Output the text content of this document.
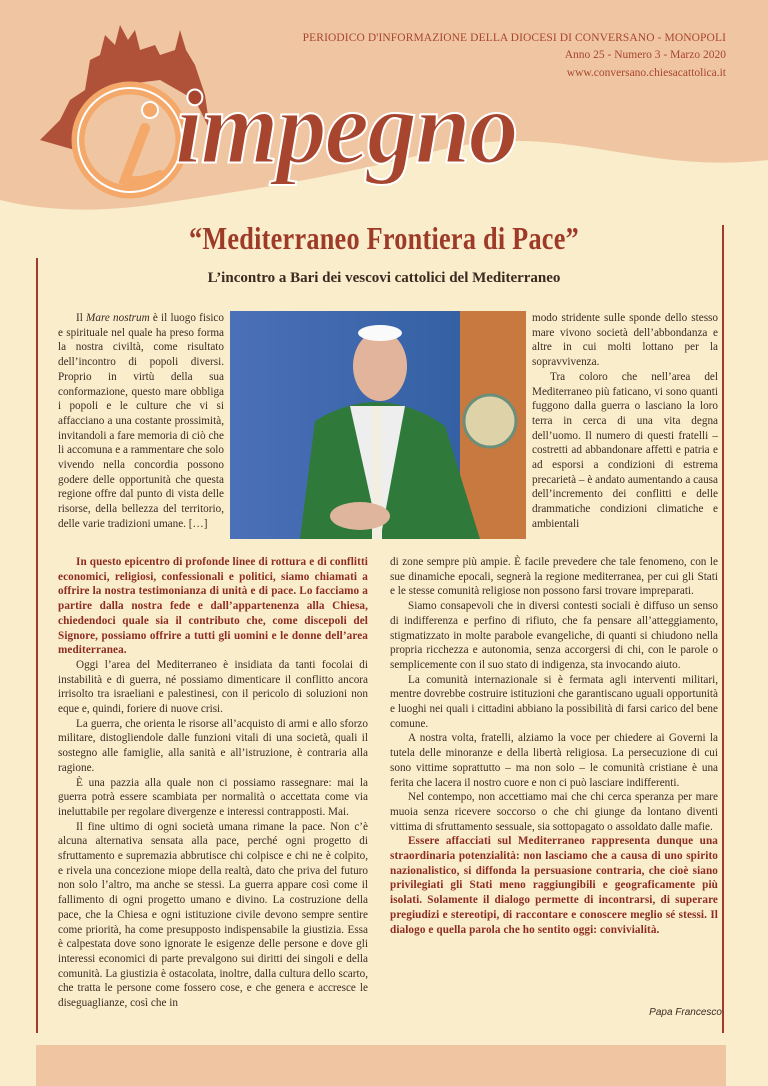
impegno
PERIODICO D'INFORMAZIONE DELLA DIOCESI DI CONVERSANO - MONOPOLI
Anno 25 - Numero 3 - Marzo 2020
www.conversano.chiesacattolica.it
“Mediterraneo Frontiera di Pace”
L’incontro a Bari dei vescovi cattolici del Mediterraneo

Il Mare nostrum è il luogo fisico e spirituale nel quale ha preso forma la nostra civiltà, come risultato dell’incontro di popoli diversi. Proprio in virtù della sua conformazione, questo mare obbliga i popoli e le culture che vi si affacciano a una costante prossimità, invitandoli a fare memoria di ciò che li accomuna e a rammentare che solo vivendo nella concordia possono godere delle opportunità che questa regione offre dal punto di vista delle risorse, della bellezza del territorio, delle varie tradizioni umane. […]

modo stridente sulle sponde dello stesso mare vivono società dell’abbondanza e altre in cui molti lottano per la sopravvivenza.

Tra coloro che nell’area del Mediterraneo più faticano, vi sono quanti fuggono dalla guerra o lasciano la loro terra in cerca di una vita degna dell’uomo. Il numero di questi fratelli – costretti ad abbandonare affetti e patria e ad esporsi a condizioni di estrema precarietà – è andato aumentando a causa dell’incremento dei conflitti e delle drammatiche condizioni climatiche e ambientali

In questo epicentro di profonde linee di rottura e di conflitti economici, religiosi, confessionali e politici, siamo chiamati a offrire la nostra testimonianza di unità e di pace. Lo facciamo a partire dalla nostra fede e dall’appartenenza alla Chiesa, chiedendoci quale sia il contributo che, come discepoli del Signore, possiamo offrire a tutti gli uomini e le donne dell’area mediterranea.

Oggi l’area del Mediterraneo è insidiata da tanti focolai di instabilità e di guerra, né possiamo dimenticare il conflitto ancora irrisolto tra israeliani e palestinesi, con il pericolo di soluzioni non eque e, quindi, foriere di nuove crisi.

La guerra, che orienta le risorse all’acquisto di armi e allo sforzo militare, distogliendole dalle funzioni vitali di una società, quali il sostegno alle famiglie, alla sanità e all’istruzione, è contraria alla ragione.

È una pazzia alla quale non ci possiamo rassegnare: mai la guerra potrà essere scambiata per normalità o accettata come via ineluttabile per regolare divergenze e interessi contrapposti. Mai.

Il fine ultimo di ogni società umana rimane la pace. Non c’è alcuna alternativa sensata alla pace, perché ogni progetto di sfruttamento e supremazia abbrutisce chi colpisce e chi ne è colpito, e rivela una concezione miope della realtà, dato che priva del futuro non solo l’altro, ma anche se stessi. La guerra appare così come il fallimento di ogni progetto umano e divino. La costruzione della pace, che la Chiesa e ogni istituzione civile devono sempre sentire come priorità, ha come presupposto indispensabile la giustizia. Essa è calpestata dove sono ignorate le esigenze delle persone e dove gli interessi economici di parte prevalgono sui diritti dei singoli e della comunità. La giustizia è ostacolata, inoltre, dalla cultura dello scarto, che tratta le persone come fossero cose, e che genera e accresce le diseguaglianze, così che in

di zone sempre più ampie. È facile prevedere che tale fenomeno, con le sue dinamiche epocali, segnerà la regione mediterranea, per cui gli Stati e le stesse comunità religiose non possono farsi trovare impreparati.

Siamo consapevoli che in diversi contesti sociali è diffuso un senso di indifferenza e perfino di rifiuto, che fa pensare all’atteggiamento, stigmatizzato in molte parabole evangeliche, di quanti si chiudono nella propria ricchezza e autonomia, senza accorgersi di chi, con le parole o semplicemente con il suo stato di indigenza, sta invocando aiuto.

La comunità internazionale si è fermata agli interventi militari, mentre dovrebbe costruire istituzioni che garantiscano uguali opportunità e luoghi nei quali i cittadini abbiano la possibilità di farsi carico del bene comune.

A nostra volta, fratelli, alziamo la voce per chiedere ai Governi la tutela delle minoranze e della libertà religiosa. La persecuzione di cui sono vittime soprattutto – ma non solo – le comunità cristiane è una ferita che lacera il nostro cuore e non ci può lasciare indifferenti.

Nel contempo, non accettiamo mai che chi cerca speranza per mare muoia senza ricevere soccorso o che chi giunge da lontano diventi vittima di sfruttamento sessuale, sia sottopagato o assoldato dalle mafie.

Essere affacciati sul Mediterraneo rappresenta dunque una straordinaria potenzialità: non lasciamo che a causa di uno spirito nazionalistico, si diffonda la persuasione contraria, che cioè siano privilegiati gli Stati meno raggiungibili e geograficamente più isolati. Solamente il dialogo permette di incontrarsi, di superare pregiudizi e stereotipi, di raccontare e conoscere meglio sé stessi. Il dialogo e quella parola che ho sentito oggi: convivialità.

Papa Francesco
